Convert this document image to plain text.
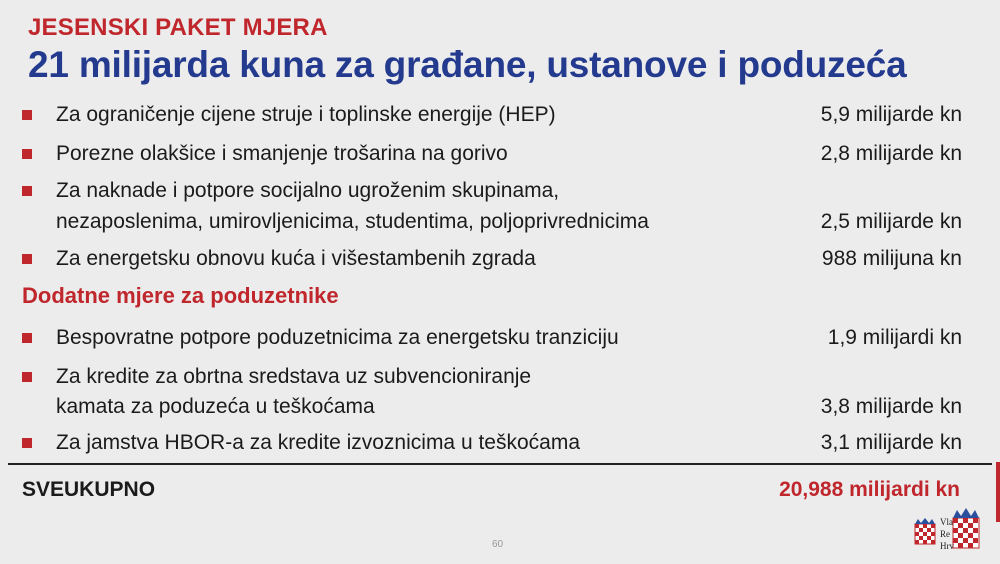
JESENSKI PAKET MJERA
21 milijarda kuna za građane, ustanove i poduzeća
Za ograničenje cijene struje i toplinske energije (HEP)	5,9 milijarde kn
Porezne olakšice i smanjenje trošarina na gorivo	2,8 milijarde kn
Za naknade i potpore socijalno ugroženim skupinama,
nezaposlenima, umirovljenicima, studentima, poljoprivrednicima	2,5 milijarde kn
Za energetsku obnovu kuća i višestambenih zgrada	988 milijuna kn
Dodatne mjere za poduzetnike
Bespovratne potpore poduzetnicima za energetsku tranziciju	1,9 milijardi kn
Za kredite za obrtna sredstava uz subvencioniranje
kamata za poduzeća u teškoćama	3,8 milijarde kn
Za jamstva HBOR-a za kredite izvoznicima u teškoćama	3,1 milijarde kn
SVEUKUPNO	20,988 milijardi kn
60
Vla
Re
Hrv
